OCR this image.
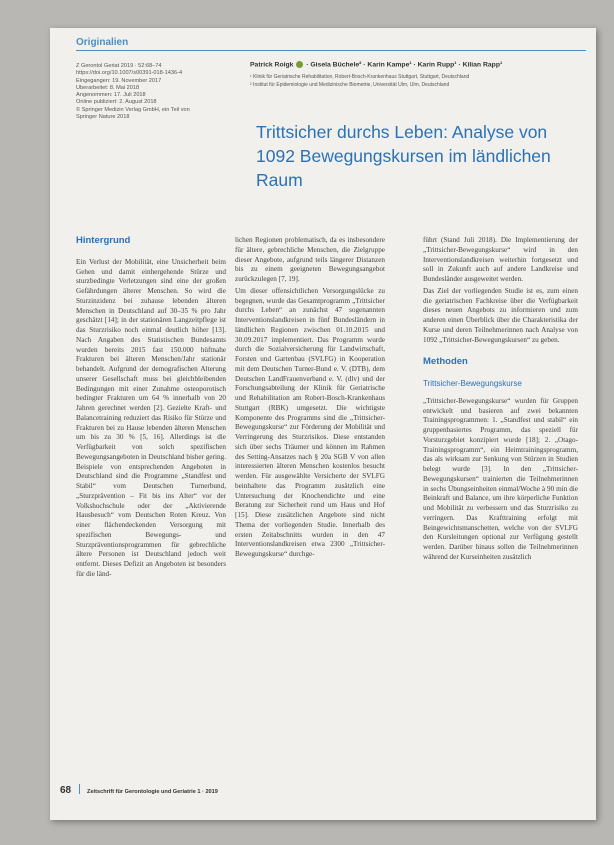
Originalien
Z Gerontol Geriat 2019 · 52:68–74
https://doi.org/10.1007/s00391-018-1436-4
Eingegangen: 19. November 2017
Überarbeitet: 8. Mai 2018
Angenommen: 17. Juli 2018
Online publiziert: 2. August 2018
© Springer Medizin Verlag GmbH, ein Teil von
Springer Nature 2018
Patrick Roigk · Gisela Büchele² · Karin Kampe¹ · Karin Rupp¹ · Kilian Rapp¹
¹ Klinik für Geriatrische Rehabilitation, Robert-Bosch-Krankenhaus Stuttgart, Stuttgart, Deutschland
² Institut für Epidemiologie und Medizinische Biometrie, Universität Ulm, Ulm, Deutschland
Trittsicher durchs Leben: Analyse von 1092 Bewegungskursen im ländlichen Raum
Hintergrund

Ein Verlust der Mobilität, eine Unsicherheit beim Gehen und damit einhergehende Stürze und sturzbedingte Verletzungen sind eine der großen Gefährdungen älterer Menschen. So wird die Sturzinzidenz bei zuhause lebenden älteren Menschen in Deutschland auf 30–35 % pro Jahr geschätzt [14]; in der stationären Langzeitpflege ist das Sturzrisiko noch einmal deutlich höher [13]. Nach Angaben des Statistischen Bundesamts wurden bereits 2015 fast 150.000 hüftnahe Frakturen bei älteren Menschen/Jahr stationär behandelt. Aufgrund der demografischen Alterung unserer Gesellschaft muss bei gleichbleibenden Bedingungen mit einer Zunahme osteoporotisch bedingter Frakturen um 64 % innerhalb von 20 Jahren gerechnet werden [2]. Gezielte Kraft- und Balancetraining reduziert das Risiko für Stürze und Frakturen bei zu Hause lebenden älteren Menschen um bis zu 30 % [5, 16]. Allerdings ist die Verfügbarkeit von solch spezifischen Bewegungsangeboten in Deutschland bisher gering. Beispiele von entsprechenden Angeboten in Deutschland sind die Programme „Standfest und Stabil“ vom Deutschen Turnerbund, „Sturzprävention – Fit bis ins Alter“ vor der Volkshochschule oder der „Aktivierende Hausbesuch“ vom Deutschen Roten Kreuz. Von einer flächendeckenden Versorgung mit spezifischen Bewegungs- und Sturzpräventionsprogrammen für gebrechliche ältere Personen ist Deutschland jedoch weit entfernt. Dieses Defizit an Angeboten ist besonders für die länd-

lichen Regionen problematisch, da es insbesondere für ältere, gebrechliche Menschen, die Zielgruppe dieser Angebote, aufgrund teils längerer Distanzen bis zu einem geeigneten Bewegungsangebot zurückzulegen [7, 19].

Um dieser offensichtlichen Versorgungslücke zu begegnen, wurde das Gesamtprogramm „Trittsicher durchs Leben“ an zunächst 47 sogenannten Interventionslandkreisen in fünf Bundesländern in ländlichen Regionen zwischen 01.10.2015 und 30.09.2017 implementiert. Das Programm wurde durch die Sozialversicherung für Landwirtschaft, Forsten und Gartenbau (SVLFG) in Kooperation mit dem Deutschen Turner-Bund e. V. (DTB), dem Deutschen LandFrauenverband e. V. (dlv) und der Forschungsabteilung der Klinik für Geriatrische und Rehabilitation am Robert-Bosch-Krankenhaus Stuttgart (RBK) umgesetzt. Die wichtigste Komponente des Programms sind die „Trittsicher-Bewegungskurse“ zur Förderung der Mobilität und Verringerung des Sturzrisikos. Diese entstanden sich über sechs Träumer und können im Rahmen des Setting-Ansatzes nach § 20a SGB V von allen interessierten älteren Menschen kostenlos besucht werden. Für ausgewählte Versicherte der SVLFG beinhaltete das Programm zusätzlich eine Untersuchung der Knochendichte und eine Beratung zur Sicherheit rund um Haus und Hof [15]. Diese zusätzlichen Angebote sind nicht Thema der vorliegenden Studie. Innerhalb des ersten Zeitabschnitts wurden in den 47 Interventionslandkreisen etwa 2300 „Trittsicher-Bewegungskurse“ durchge-

führt (Stand Juli 2018). Die Implementierung der „Trittsicher-Bewegungskurse“ wird in den Interventionslandkreisen weiterhin fortgesetzt und soll in Zukunft auch auf andere Landkreise und Bundesländer ausgeweitet werden.

Das Ziel der vorliegenden Studie ist es, zum einen die geriatrischen Fachkreise über die Verfügbarkeit dieses neuen Angebots zu informieren und zum anderen einen Überblick über die Charakteristika der Kurse und deren Teilnehmerinnen nach Analyse von 1092 „Trittsicher-Bewegungskursen“ zu geben.

Methoden
Trittsicher-Bewegungskurse

„Trittsicher-Bewegungskurse“ wurden für Gruppen entwickelt und basieren auf zwei bekannten Trainingsprogrammen: 1. „Standfest und stabil“ ein gruppenbasiertes Programm, das speziell für Vorsturzgebiet konzipiert wurde [18]; 2. „Otago-Trainingsprogramm“, ein Heimtrainingsprogramm, das als wirksam zur Senkung von Stürzen in Studien belegt wurde [3]. In den „Trittsicher-Bewegungskursen“ trainierten die Teilnehmerinnen in sechs Übungseinheiten einmal/Woche à 90 min die Beinkraft und Balance, um ihre körperliche Funktion und Mobilität zu verbessern und das Sturzrisiko zu verringern. Das Krafttraining erfolgt mit Beingewichtsmanschetten, welche von der SVLFG den Kursleitungen optional zur Verfügung gestellt werden. Darüber hinaus sollen die Teilnehmerinnen während der Kurseinheiten zusätzlich

68	Zeitschrift für Gerontologie und Geriatrie 1 · 2019
